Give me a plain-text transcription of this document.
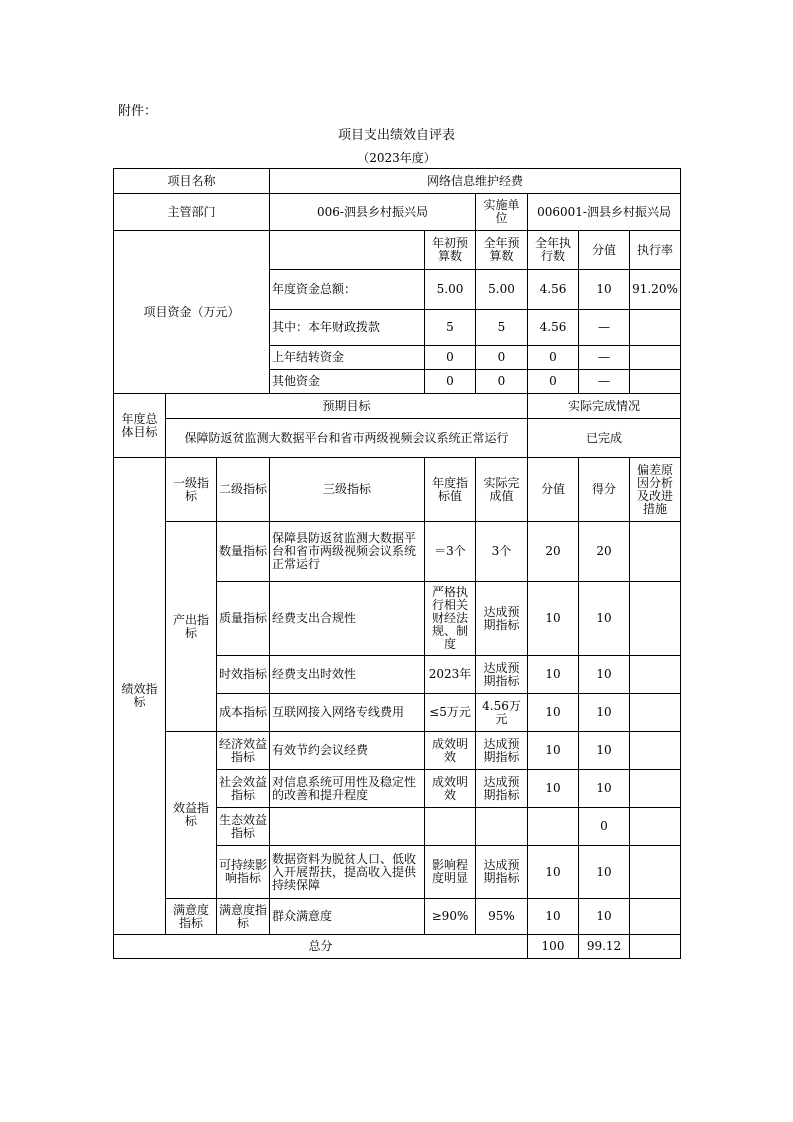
附件：
项目支出绩效自评表
（2023年度）
项目名称			网络信息维护经费						
主管部门			006-泗县乡村振兴局		实施单位	006001-泗县乡村振兴局			
项目资金（万元）				年初预算数	全年预算数	全年执行数	分值	执行率	
			年度资金总额：	5.00	5.00	4.56	10	91.20%	
			其中：本年财政拨款	5	5	4.56	—		
			上年结转资金	0	0	0	—		
			其他资金	0	0	0	—		
年度总体目标	预期目标					实际完成情况			
	保障防返贫监测大数据平台和省市两级视频会议系统正常运行					已完成			
绩效指标	一级指标	二级指标	三级指标	年度指标值	实际完成值	分值	得分	偏差原因分析及改进措施	
	产出指标	数量指标	保障县防返贫监测大数据平台和省市两级视频会议系统正常运行	＝3个	3个	20	20		
		质量指标	经费支出合规性	严格执行相关财经法规、制度	达成预期指标	10	10		
		时效指标	经费支出时效性	2023年	达成预期指标	10	10		
		成本指标	互联网接入网络专线费用	≤5万元	4.56万元	10	10		
	效益指标	经济效益指标	有效节约会议经费	成效明效	达成预期指标	10	10		
		社会效益指标	对信息系统可用性及稳定性的改善和提升程度	成效明效	达成预期指标	10	10		
		生态效益指标					0		
		可持续影响指标	数据资料为脱贫人口、低收入开展帮扶，提高收入提供持续保障	影响程度明显	达成预期指标	10	10		
	满意度指标	满意度指标	群众满意度	≥90%	95%	10	10		
总分						100	99.12		
